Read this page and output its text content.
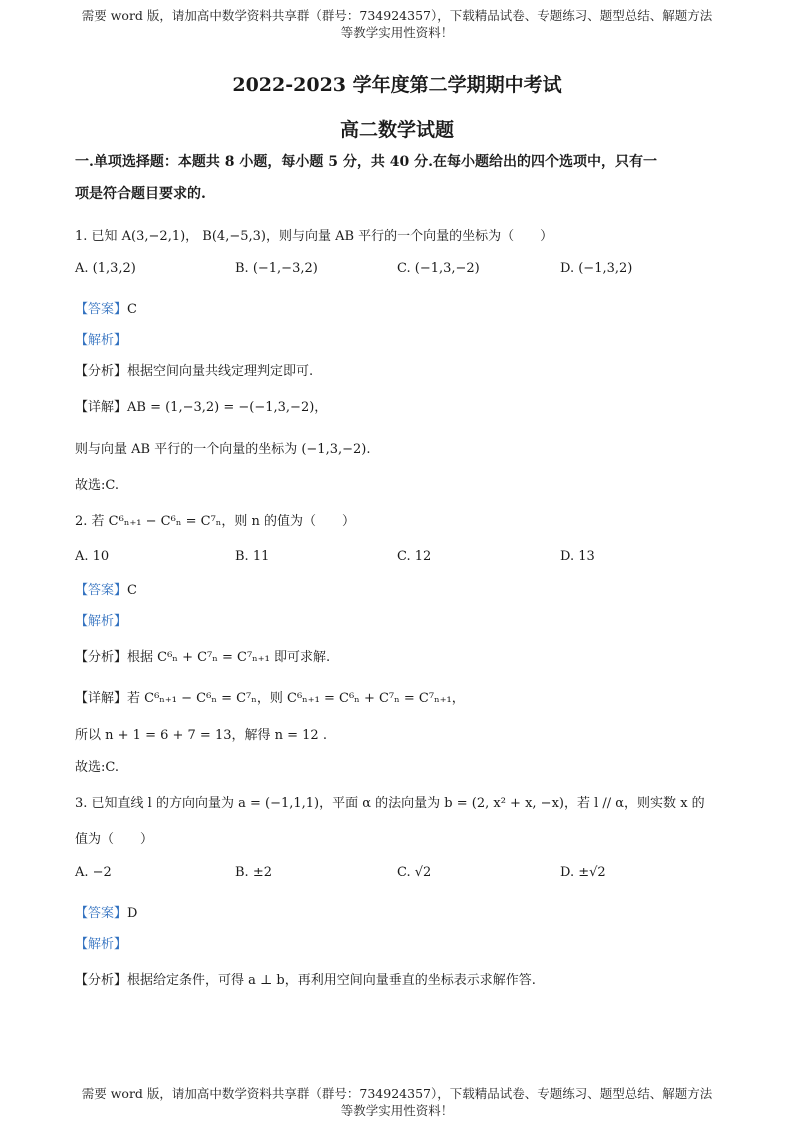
需要 word 版，请加高中数学资料共享群（群号：734924357），下载精品试卷、专题练习、题型总结、解题方法
等教学实用性资料！
2022-2023 学年度第二学期期中考试
高二数学试题
一.单项选择题：本题共 8 小题，每小题 5 分，共 40 分.在每小题给出的四个选项中，只有一
项是符合题目要求的.
1. 已知 A(3,−2,1)， B(4,−5,3)，则与向量 AB 平行的一个向量的坐标为（　　）
A. (1,3,2)	B. (−1,−3,2)	C. (−1,3,−2)	D. (−1,3,2)
【答案】C
【解析】
【分析】根据空间向量共线定理判定即可.
【详解】AB = (1,−3,2) = −(−1,3,−2)，
则与向量 AB 平行的一个向量的坐标为 (−1,3,−2).
故选:C.
2. 若 C⁶ₙ₊₁ − C⁶ₙ = C⁷ₙ，则 n 的值为（　　）
A. 10	B. 11	C. 12	D. 13
【答案】C
【解析】
【分析】根据 C⁶ₙ + C⁷ₙ = C⁷ₙ₊₁ 即可求解.
【详解】若 C⁶ₙ₊₁ − C⁶ₙ = C⁷ₙ，则 C⁶ₙ₊₁ = C⁶ₙ + C⁷ₙ = C⁷ₙ₊₁，
所以 n + 1 = 6 + 7 = 13，解得 n = 12 .
故选:C.
3. 已知直线 l 的方向向量为 a = (−1,1,1)，平面 α 的法向量为 b = (2, x² + x, −x)，若 l // α，则实数 x 的
值为（　　）
A. −2	B. ±2	C. √2	D. ±√2
【答案】D
【解析】
【分析】根据给定条件，可得 a ⊥ b，再利用空间向量垂直的坐标表示求解作答.
需要 word 版，请加高中数学资料共享群（群号：734924357），下载精品试卷、专题练习、题型总结、解题方法
等教学实用性资料！
